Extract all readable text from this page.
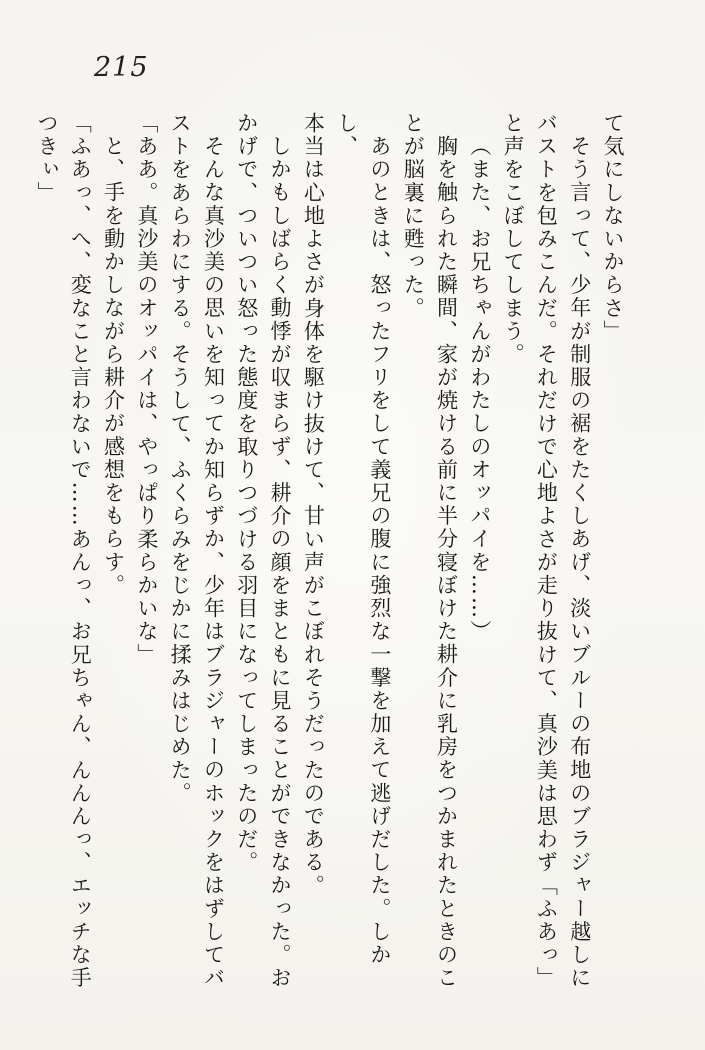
215
て気にしないからさ」
そう言って、少年が制服の裾をたくしあげ、淡いブルーの布地のブラジャー越しに
バストを包みこんだ。それだけで心地よさが走り抜けて、真沙美は思わず「ふあっ」
と声をこぼしてしまう。
（また、お兄ちゃんがわたしのオッパイを……）
胸を触られた瞬間、家が焼ける前に半分寝ぼけた耕介に乳房をつかまれたときのこ
とが脳裏に甦った。
あのときは、怒ったフリをして義兄の腹に強烈な一撃を加えて逃げだした。しかし、
本当は心地よさが身体を駆け抜けて、甘い声がこぼれそうだったのである。
しかもしばらく動悸が収まらず、耕介の顔をまともに見ることができなかった。お
かげで、ついつい怒った態度を取りつづける羽目になってしまったのだ。
そんな真沙美の思いを知ってか知らずか、少年はブラジャーのホックをはずしてバ
ストをあらわにする。そうして、ふくらみをじかに揉みはじめた。
「ああ。真沙美のオッパイは、やっぱり柔らかいな」
と、手を動かしながら耕介が感想をもらす。
「ふあっ、へ、変なこと言わないで……あんっ、お兄ちゃん、んんんっ、エッチな手
つきぃ」
